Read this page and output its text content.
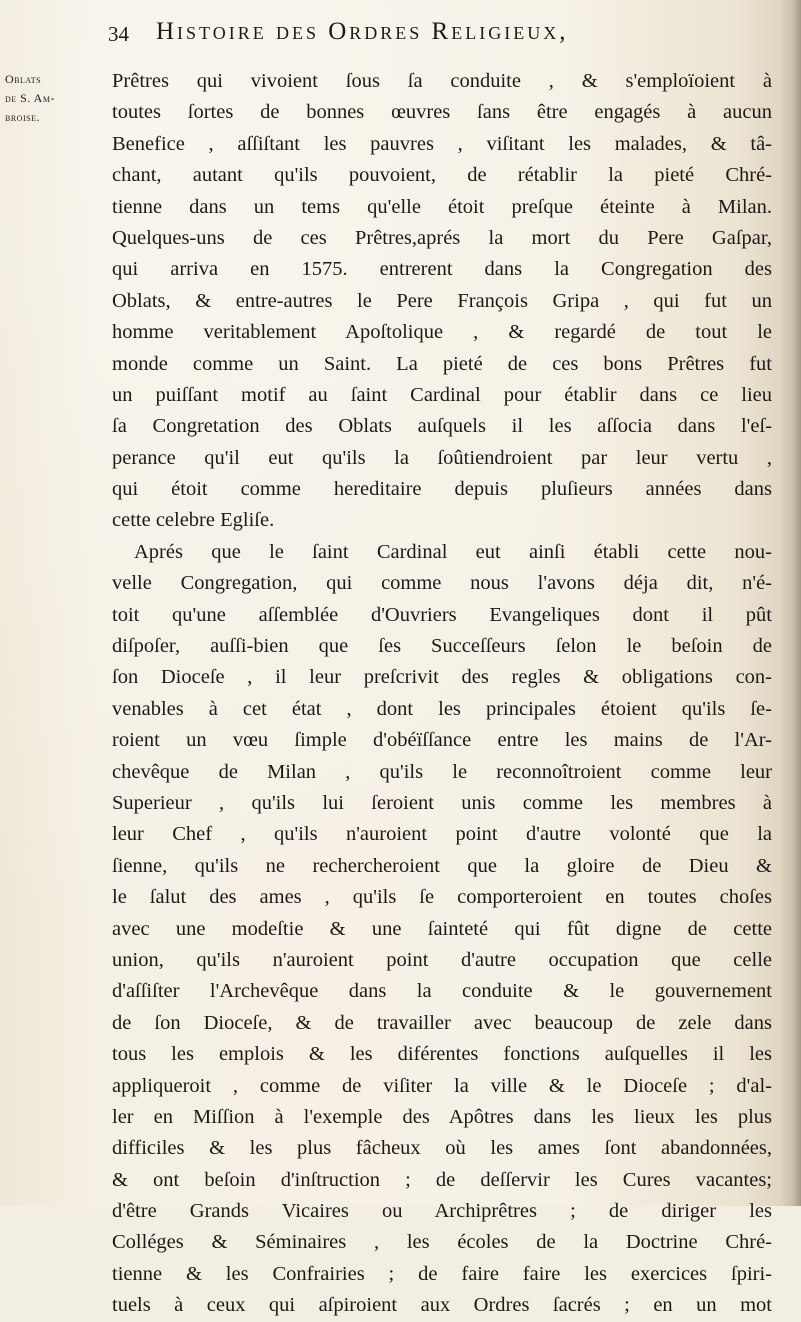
34 Histoire des Ordres Religieux,
Oblats
de S. Am-
broise.
Prêtres qui vivoient ſous ſa conduite , & s'emploïoient à
toutes ſortes de bonnes œuvres ſans être engagés à aucun
Benefice , aſſiſtant les pauvres , viſitant les malades, & tâ-
chant, autant qu'ils pouvoient, de rétablir la pieté Chré-
tienne dans un tems qu'elle étoit preſque éteinte à Milan.
Quelques-uns de ces Prêtres,aprés la mort du Pere Gaſpar,
qui arriva en 1575. entrerent dans la Congregation des
Oblats, & entre-autres le Pere François Gripa , qui fut un
homme veritablement Apoſtolique , & regardé de tout le
monde comme un Saint. La pieté de ces bons Prêtres fut
un puiſſant motif au ſaint Cardinal pour établir dans ce lieu
ſa Congretation des Oblats auſquels il les aſſocia dans l'eſ-
perance qu'il eut qu'ils la ſoûtiendroient par leur vertu ,
qui étoit comme hereditaire depuis pluſieurs années dans
cette celebre Egliſe.
Aprés que le ſaint Cardinal eut ainſi établi cette nou-
velle Congregation, qui comme nous l'avons déja dit, n'é-
toit qu'une aſſemblée d'Ouvriers Evangeliques dont il pût
diſpoſer, auſſi-bien que ſes Succeſſeurs ſelon le beſoin de
ſon Dioceſe , il leur preſcrivit des regles & obligations con-
venables à cet état , dont les principales étoient qu'ils ſe-
roient un vœu ſimple d'obéïſſance entre les mains de l'Ar-
chevêque de Milan , qu'ils le reconnoîtroient comme leur
Superieur , qu'ils lui ſeroient unis comme les membres à
leur Chef , qu'ils n'auroient point d'autre volonté que la
ſienne, qu'ils ne rechercheroient que la gloire de Dieu &
le ſalut des ames , qu'ils ſe comporteroient en toutes choſes
avec une modeſtie & une ſainteté qui fût digne de cette
union, qu'ils n'auroient point d'autre occupation que celle
d'aſſiſter l'Archevêque dans la conduite & le gouvernement
de ſon Dioceſe, & de travailler avec beaucoup de zele dans
tous les emplois & les diférentes fonctions auſquelles il les
appliqueroit , comme de viſiter la ville & le Dioceſe ; d'al-
ler en Miſſion à l'exemple des Apôtres dans les lieux les plus
difficiles & les plus fâcheux où les ames ſont abandonnées,
& ont beſoin d'inſtruction ; de deſſervir les Cures vacantes;
d'être Grands Vicaires ou Archiprêtres ; de diriger les
Colléges & Séminaires , les écoles de la Doctrine Chré-
tienne & les Confrairies ; de faire faire les exercices ſpiri-
tuels à ceux qui aſpiroient aux Ordres ſacrés ; en un mot
